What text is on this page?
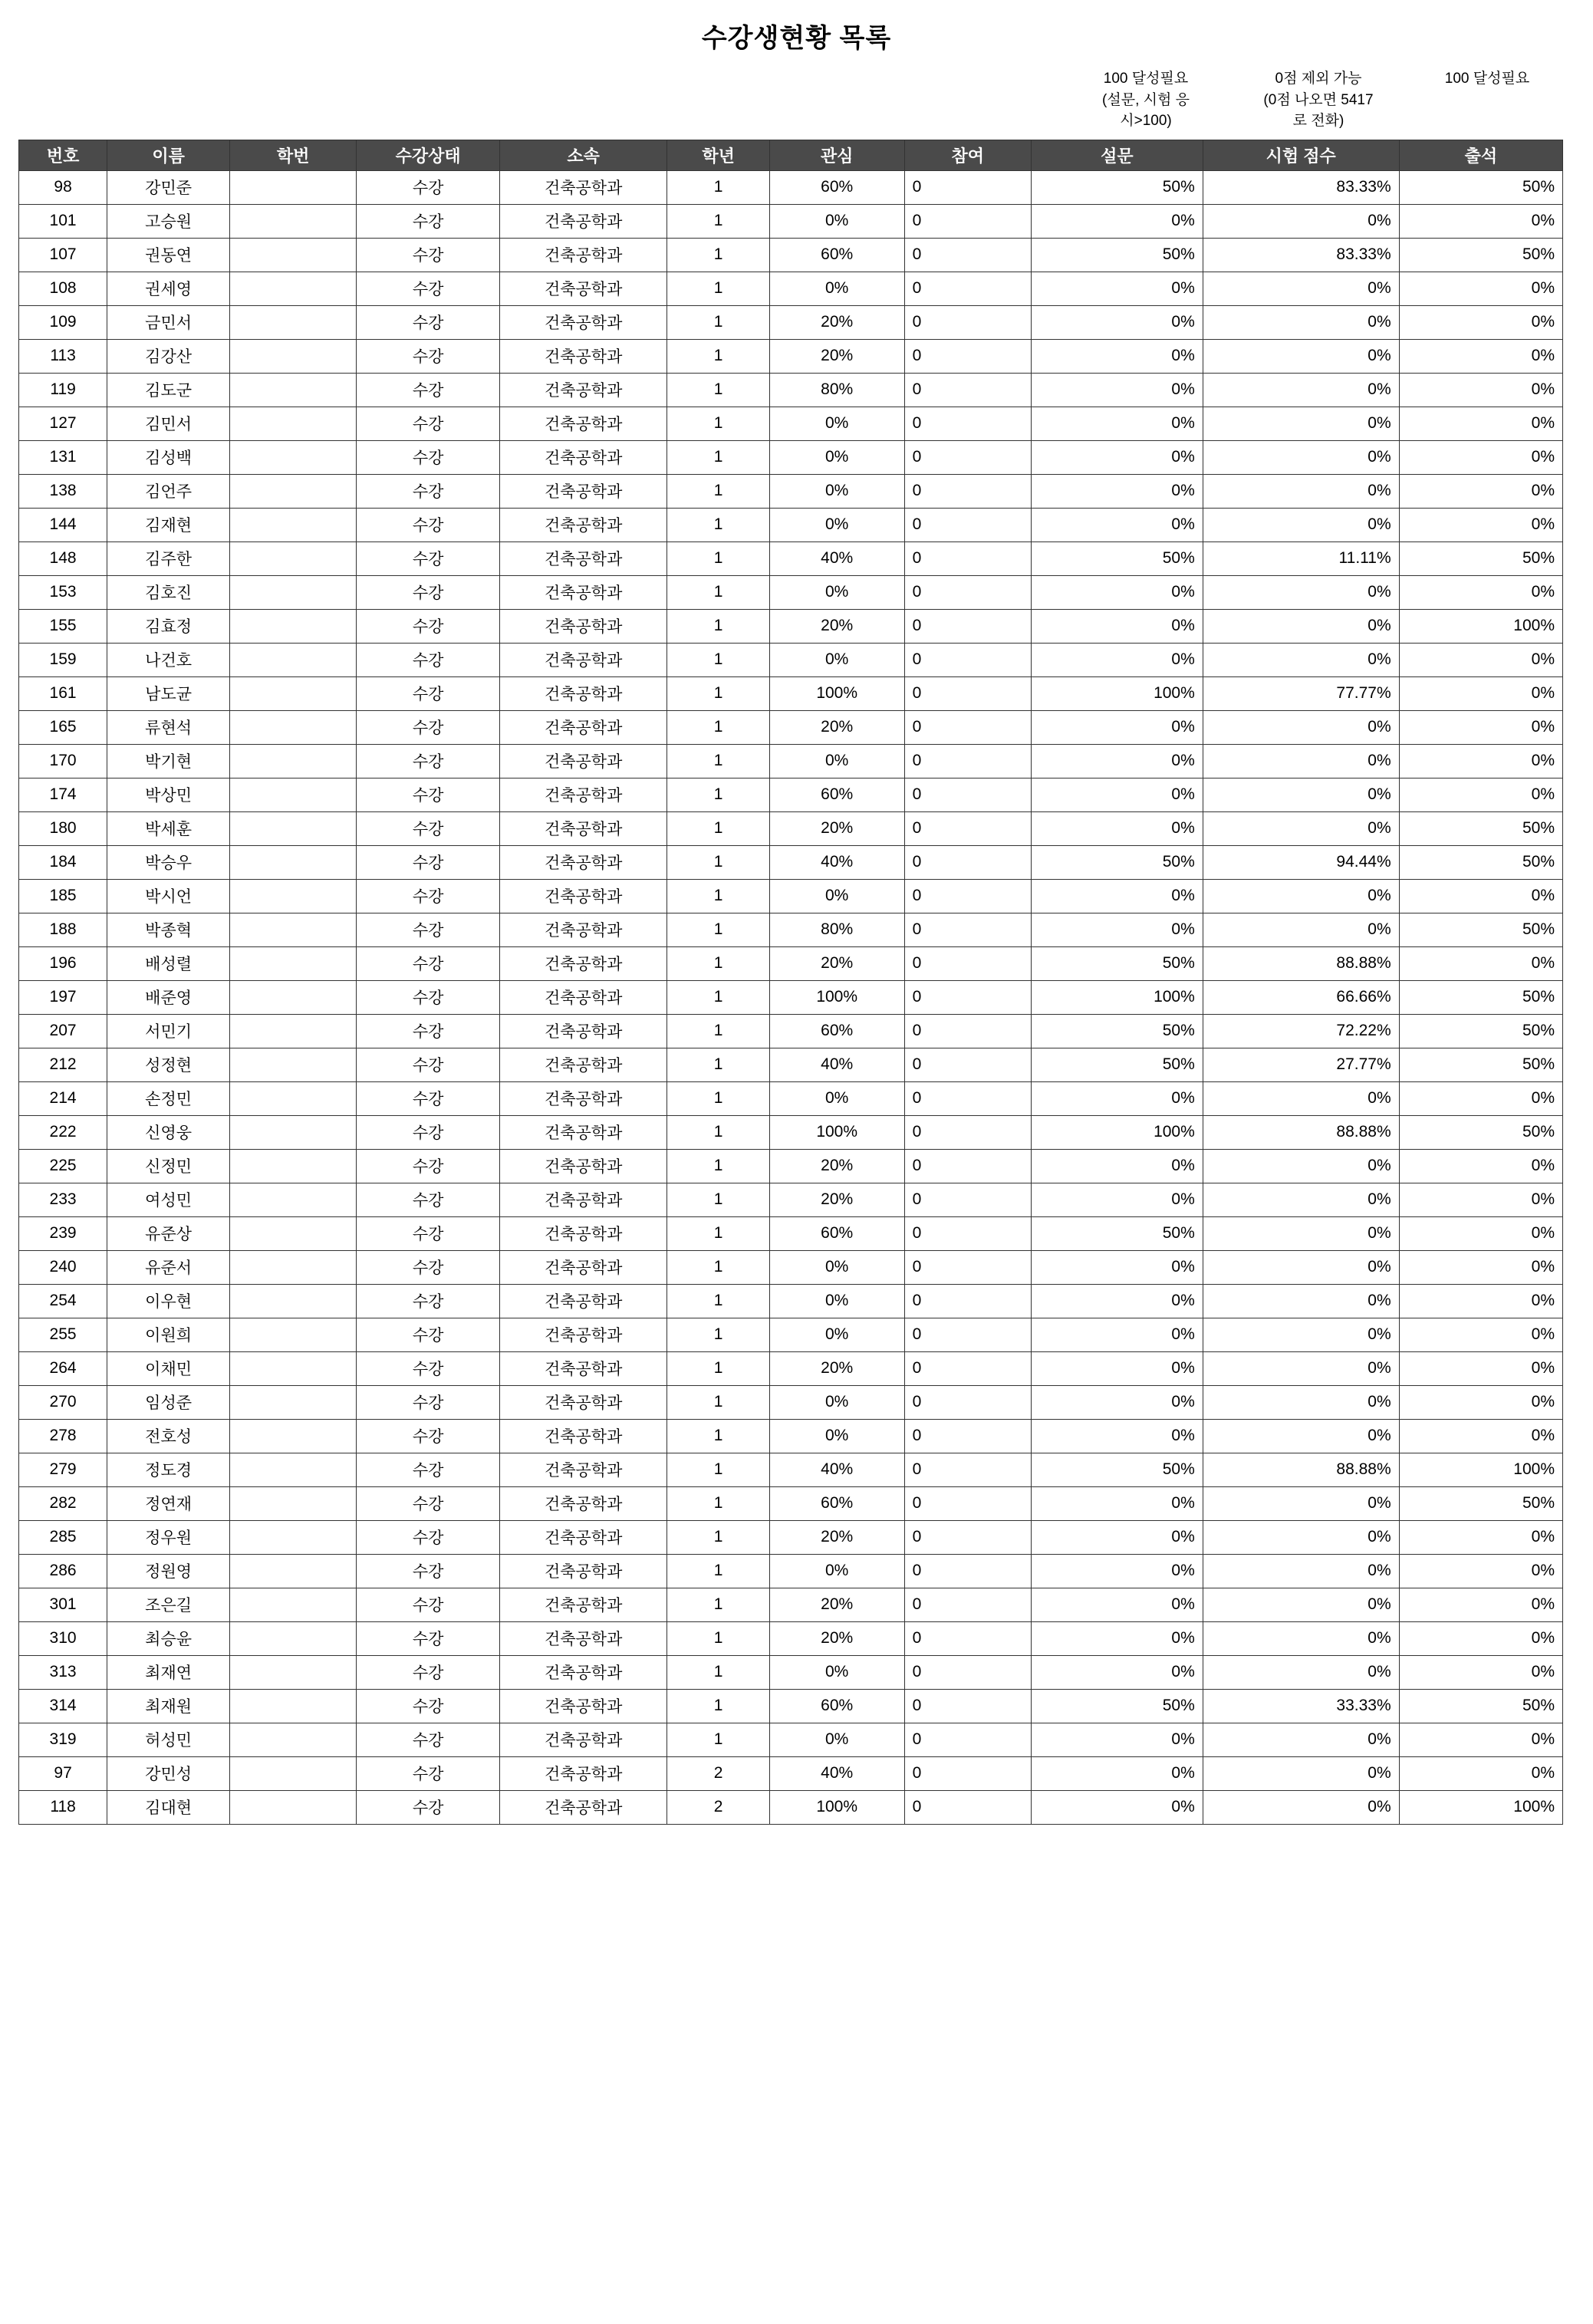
수강생현황 목록
100 달성필요
(설문, 시험 응
시>100)
0점 제외 가능
(0점 나오면 5417
로 전화)
100 달성필요
번호	이름	학번	수강상태	소속	학년	관심	참여	설문	시험 점수	출석
98	강민준		수강	건축공학과	1	60%	0	50%	83.33%	50%
101	고승원		수강	건축공학과	1	0%	0	0%	0%	0%
107	권동연		수강	건축공학과	1	60%	0	50%	83.33%	50%
108	권세영		수강	건축공학과	1	0%	0	0%	0%	0%
109	금민서		수강	건축공학과	1	20%	0	0%	0%	0%
113	김강산		수강	건축공학과	1	20%	0	0%	0%	0%
119	김도군		수강	건축공학과	1	80%	0	0%	0%	0%
127	김민서		수강	건축공학과	1	0%	0	0%	0%	0%
131	김성백		수강	건축공학과	1	0%	0	0%	0%	0%
138	김언주		수강	건축공학과	1	0%	0	0%	0%	0%
144	김재현		수강	건축공학과	1	0%	0	0%	0%	0%
148	김주한		수강	건축공학과	1	40%	0	50%	11.11%	50%
153	김호진		수강	건축공학과	1	0%	0	0%	0%	0%
155	김효정		수강	건축공학과	1	20%	0	0%	0%	100%
159	나건호		수강	건축공학과	1	0%	0	0%	0%	0%
161	남도균		수강	건축공학과	1	100%	0	100%	77.77%	0%
165	류현석		수강	건축공학과	1	20%	0	0%	0%	0%
170	박기현		수강	건축공학과	1	0%	0	0%	0%	0%
174	박상민		수강	건축공학과	1	60%	0	0%	0%	0%
180	박세훈		수강	건축공학과	1	20%	0	0%	0%	50%
184	박승우		수강	건축공학과	1	40%	0	50%	94.44%	50%
185	박시언		수강	건축공학과	1	0%	0	0%	0%	0%
188	박종혁		수강	건축공학과	1	80%	0	0%	0%	50%
196	배성렬		수강	건축공학과	1	20%	0	50%	88.88%	0%
197	배준영		수강	건축공학과	1	100%	0	100%	66.66%	50%
207	서민기		수강	건축공학과	1	60%	0	50%	72.22%	50%
212	성정현		수강	건축공학과	1	40%	0	50%	27.77%	50%
214	손정민		수강	건축공학과	1	0%	0	0%	0%	0%
222	신영웅		수강	건축공학과	1	100%	0	100%	88.88%	50%
225	신정민		수강	건축공학과	1	20%	0	0%	0%	0%
233	여성민		수강	건축공학과	1	20%	0	0%	0%	0%
239	유준상		수강	건축공학과	1	60%	0	50%	0%	0%
240	유준서		수강	건축공학과	1	0%	0	0%	0%	0%
254	이우현		수강	건축공학과	1	0%	0	0%	0%	0%
255	이원희		수강	건축공학과	1	0%	0	0%	0%	0%
264	이채민		수강	건축공학과	1	20%	0	0%	0%	0%
270	임성준		수강	건축공학과	1	0%	0	0%	0%	0%
278	전호성		수강	건축공학과	1	0%	0	0%	0%	0%
279	정도경		수강	건축공학과	1	40%	0	50%	88.88%	100%
282	정연재		수강	건축공학과	1	60%	0	0%	0%	50%
285	정우원		수강	건축공학과	1	20%	0	0%	0%	0%
286	정원영		수강	건축공학과	1	0%	0	0%	0%	0%
301	조은길		수강	건축공학과	1	20%	0	0%	0%	0%
310	최승윤		수강	건축공학과	1	20%	0	0%	0%	0%
313	최재연		수강	건축공학과	1	0%	0	0%	0%	0%
314	최재원		수강	건축공학과	1	60%	0	50%	33.33%	50%
319	허성민		수강	건축공학과	1	0%	0	0%	0%	0%
97	강민성		수강	건축공학과	2	40%	0	0%	0%	0%
118	김대현		수강	건축공학과	2	100%	0	0%	0%	100%
